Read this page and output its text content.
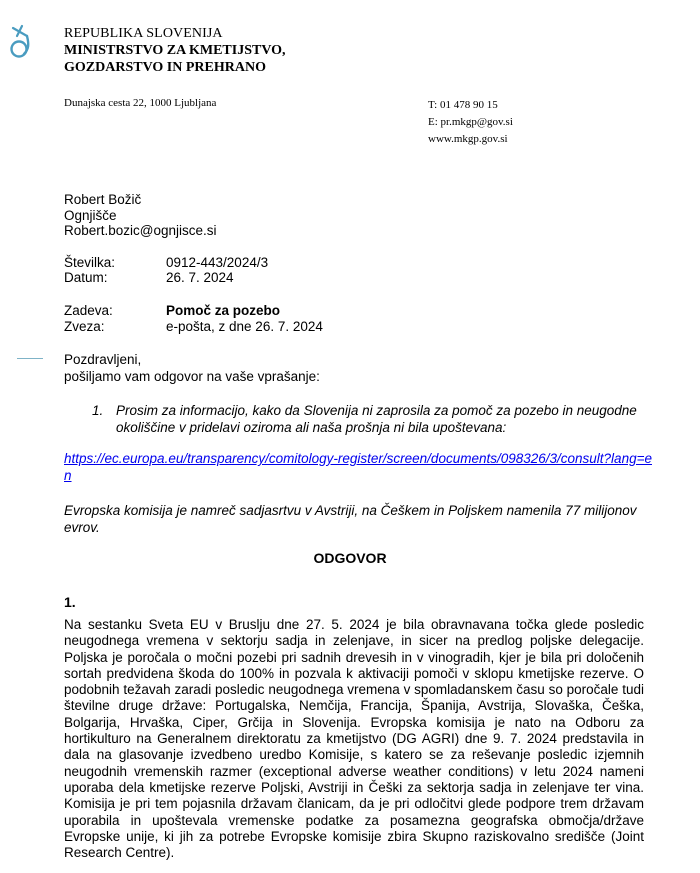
REPUBLIKA SLOVENIJA
MINISTRSTVO ZA KMETIJSTVO,
GOZDARSTVO IN PREHRANO
Dunajska cesta 22, 1000 Ljubljana	T: 01 478 90 15
E: pr.mkgp@gov.si
www.mkgp.gov.si
Robert Božič
Ognjišče
Robert.bozic@ognjisce.si
Številka:	0912-443/2024/3
Datum:	26. 7. 2024
Zadeva:	Pomoč za pozebo
Zveza:	e-pošta, z dne 26. 7. 2024
Pozdravljeni,
pošiljamo vam odgovor na vaše vprašanje:
1. Prosim za informacijo, kako da Slovenija ni zaprosila za pomoč za pozebo in neugodne okoliščine v pridelavi oziroma ali naša prošnja ni bila upoštevana:
https://ec.europa.eu/transparency/comitology-register/screen/documents/098326/3/consult?lang=en
Evropska komisija je namreč sadjasrtvu v Avstriji, na Češkem in Poljskem namenila 77 milijonov evrov.
ODGOVOR
1.
Na sestanku Sveta EU v Bruslju dne 27. 5. 2024 je bila obravnavana točka glede posledic neugodnega vremena v sektorju sadja in zelenjave, in sicer na predlog poljske delegacije. Poljska je poročala o močni pozebi pri sadnih drevesih in v vinogradih, kjer je bila pri določenih sortah predvidena škoda do 100% in pozvala k aktivaciji pomoči v sklopu kmetijske rezerve. O podobnih težavah zaradi posledic neugodnega vremena v spomladanskem času so poročale tudi številne druge države: Portugalska, Nemčija, Francija, Španija, Avstrija, Slovaška, Češka, Bolgarija, Hrvaška, Ciper, Grčija in Slovenija. Evropska komisija je nato na Odboru za hortikulturo na Generalnem direktoratu za kmetijstvo (DG AGRI) dne 9. 7. 2024 predstavila in dala na glasovanje izvedbeno uredbo Komisije, s katero se za reševanje posledic izjemnih neugodnih vremenskih razmer (exceptional adverse weather conditions) v letu 2024 nameni uporaba dela kmetijske rezerve Poljski, Avstriji in Češki za sektorja sadja in zelenjave ter vina. Komisija je pri tem pojasnila državam članicam, da je pri odločitvi glede podpore trem državam uporabila in upoštevala vremenske podatke za posamezna geografska območja/države Evropske unije, ki jih za potrebe Evropske komisije zbira Skupno raziskovalno središče (Joint Research Centre).
